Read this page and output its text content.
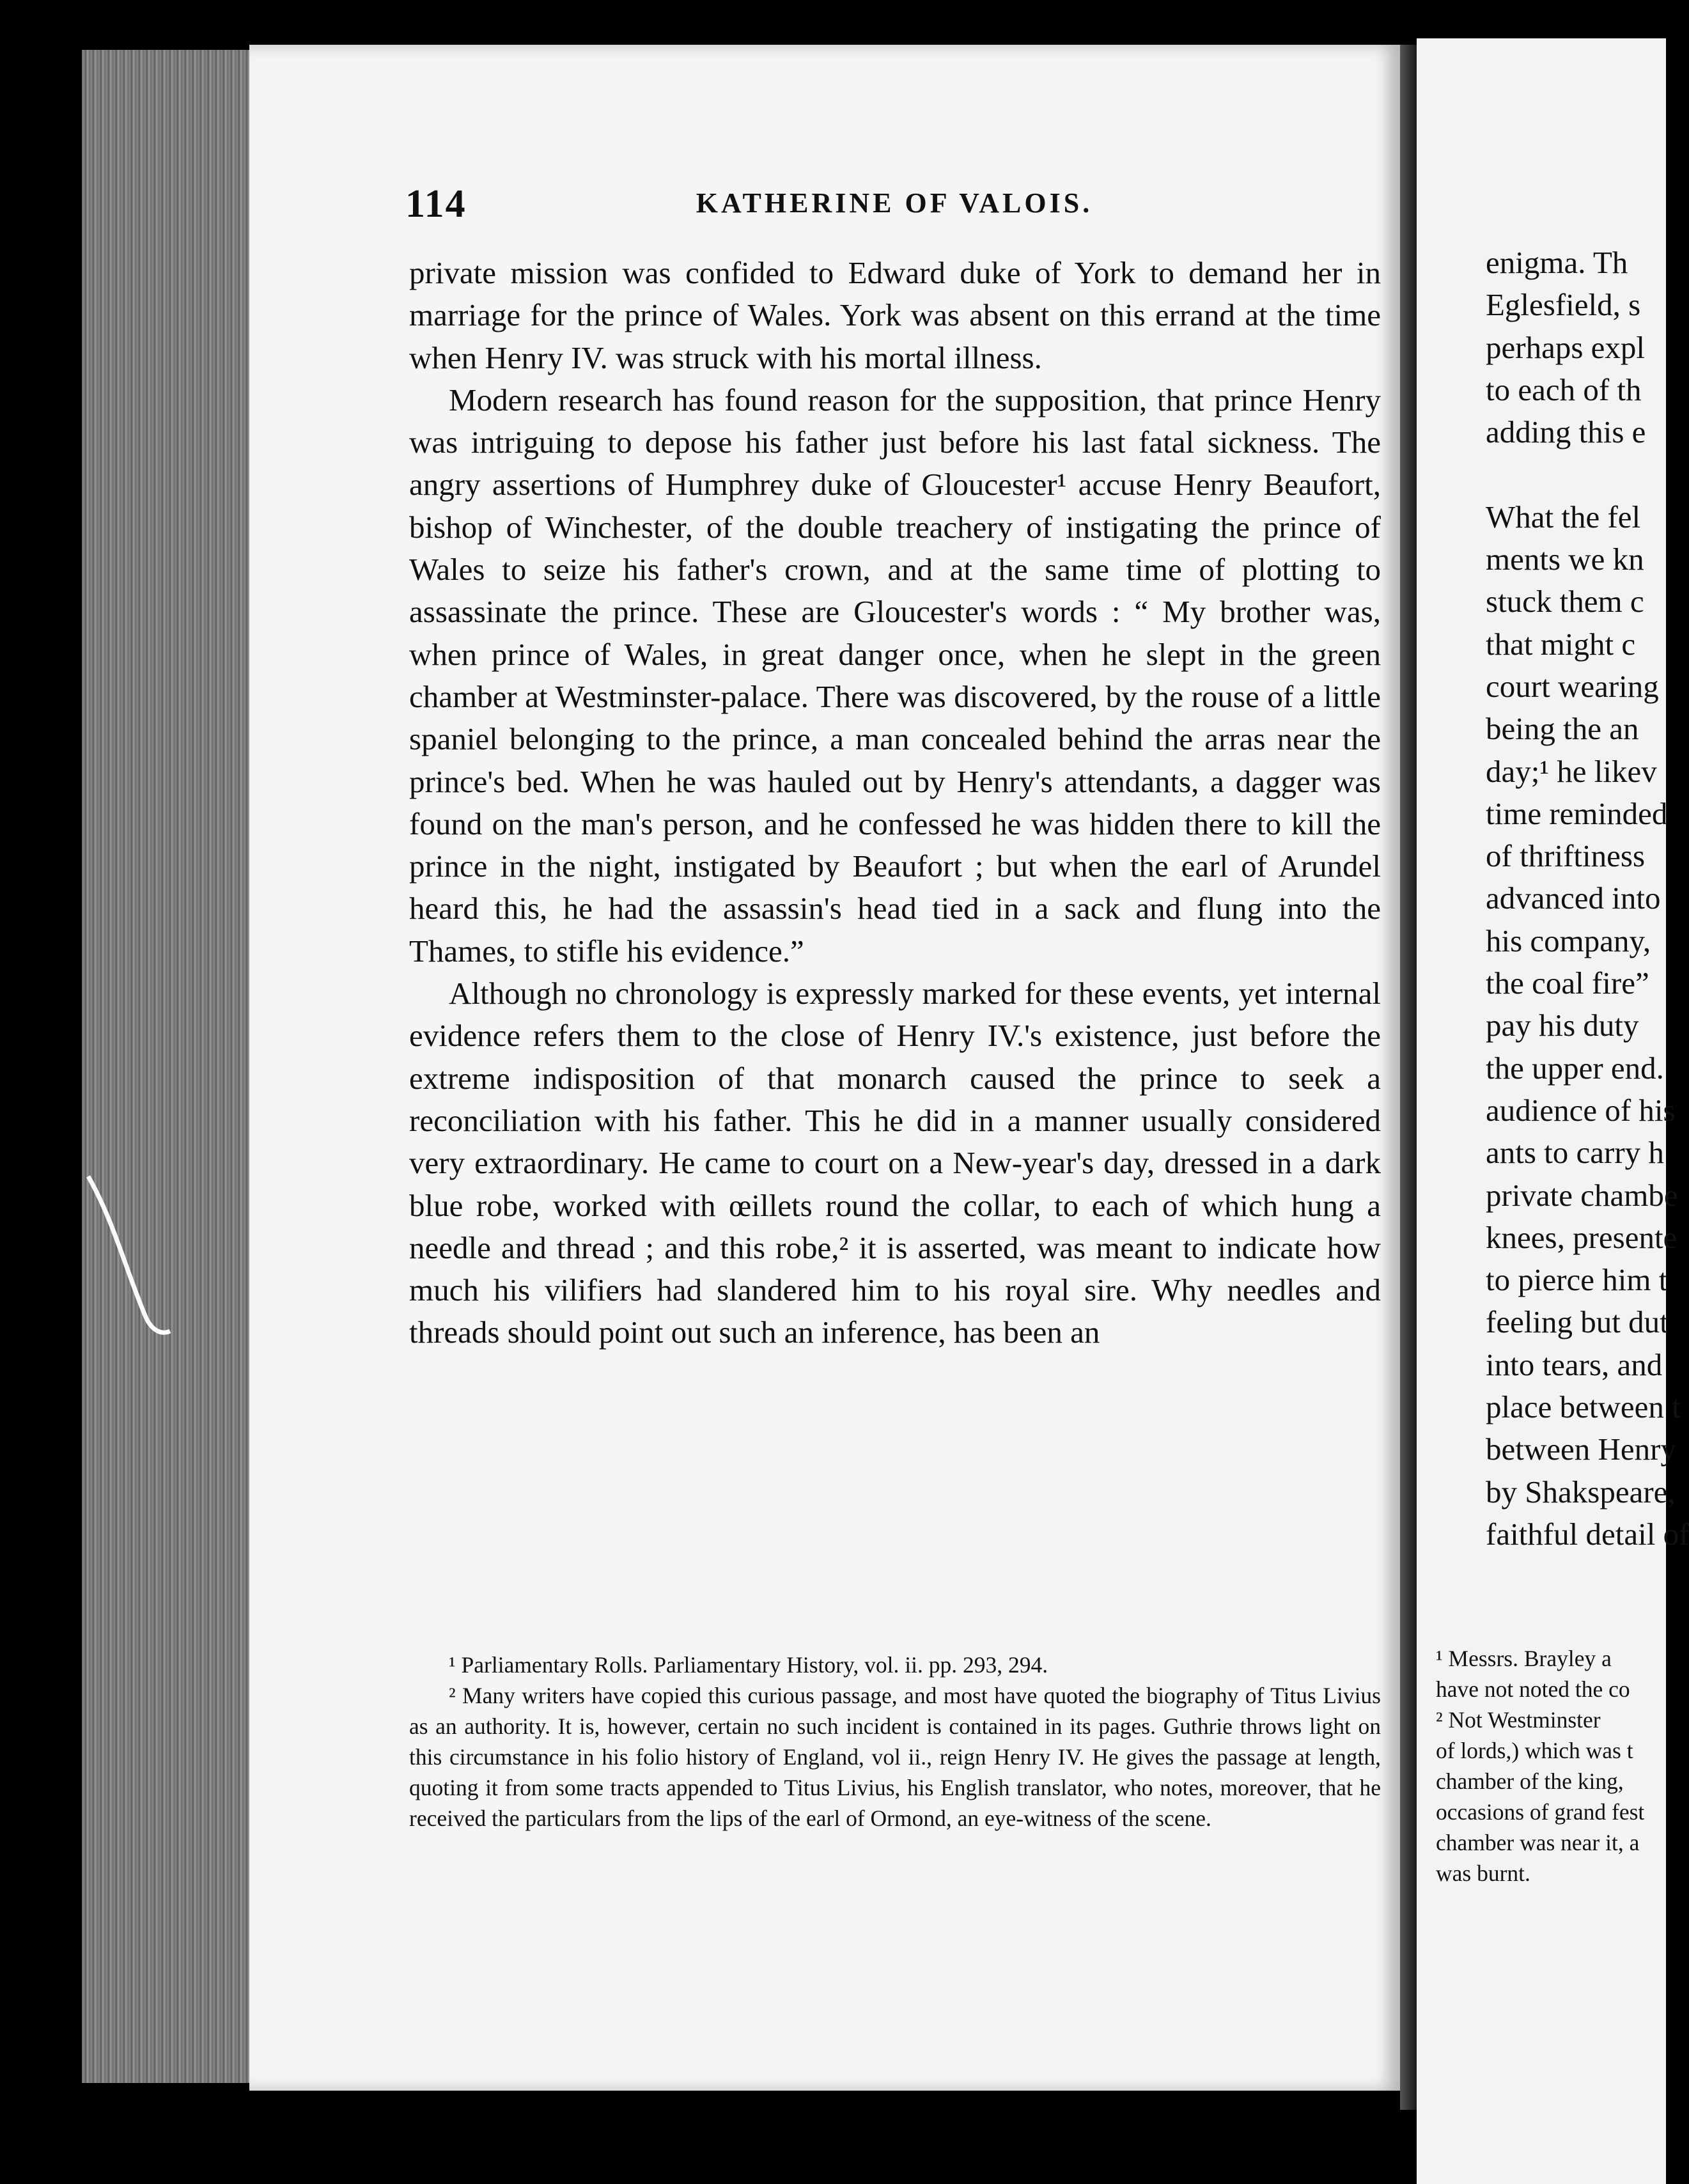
114	KATHERINE OF VALOIS.

private mission was confided to Edward duke of York to demand her in marriage for the prince of Wales. York was absent on this errand at the time when Henry IV. was struck with his mortal illness.

Modern research has found reason for the supposition, that prince Henry was intriguing to depose his father just before his last fatal sickness. The angry assertions of Humphrey duke of Gloucester¹ accuse Henry Beaufort, bishop of Winchester, of the double treachery of instigating the prince of Wales to seize his father's crown, and at the same time of plotting to assassinate the prince. These are Gloucester's words : “ My brother was, when prince of Wales, in great danger once, when he slept in the green chamber at Westminster-palace. There was discovered, by the rouse of a little spaniel belonging to the prince, a man concealed behind the arras near the prince's bed. When he was hauled out by Henry's attendants, a dagger was found on the man's person, and he confessed he was hidden there to kill the prince in the night, instigated by Beaufort ; but when the earl of Arundel heard this, he had the assassin's head tied in a sack and flung into the Thames, to stifle his evidence.”

Although no chronology is expressly marked for these events, yet internal evidence refers them to the close of Henry IV.'s existence, just before the extreme indisposition of that monarch caused the prince to seek a reconciliation with his father. This he did in a manner usually considered very extraordinary. He came to court on a New-year's day, dressed in a dark blue robe, worked with œillets round the collar, to each of which hung a needle and thread ; and this robe,² it is asserted, was meant to indicate how much his vilifiers had slandered him to his royal sire. Why needles and threads should point out such an inference, has been an

¹ Parliamentary Rolls. Parliamentary History, vol. ii. pp. 293, 294.

² Many writers have copied this curious passage, and most have quoted the biography of Titus Livius as an authority. It is, however, certain no such incident is contained in its pages. Guthrie throws light on this circumstance in his folio history of England, vol ii., reign Henry IV. He gives the passage at length, quoting it from some tracts appended to Titus Livius, his English translator, who notes, moreover, that he received the particulars from the lips of the earl of Ormond, an eye-witness of the scene.

enigma. Th
Eglesfield, s
perhaps expl
to each of th
adding this e
What the fel
ments we kn
stuck them c
that might c
court wearing
being the an
day;¹ he likev
time reminded
of thriftiness
advanced into
his company,
the coal fire”
pay his duty
the upper end.
audience of his
ants to carry h
private chambe
knees, presente
to pierce him t
feeling but dut
into tears, and
place between t
between Henry
by Shakspeare,
faithful detail of
¹ Messrs. Brayley a
have not noted the co
² Not Westminster
of lords,) which was t
chamber of the king,
occasions of grand fest
chamber was near it, a
was burnt.
